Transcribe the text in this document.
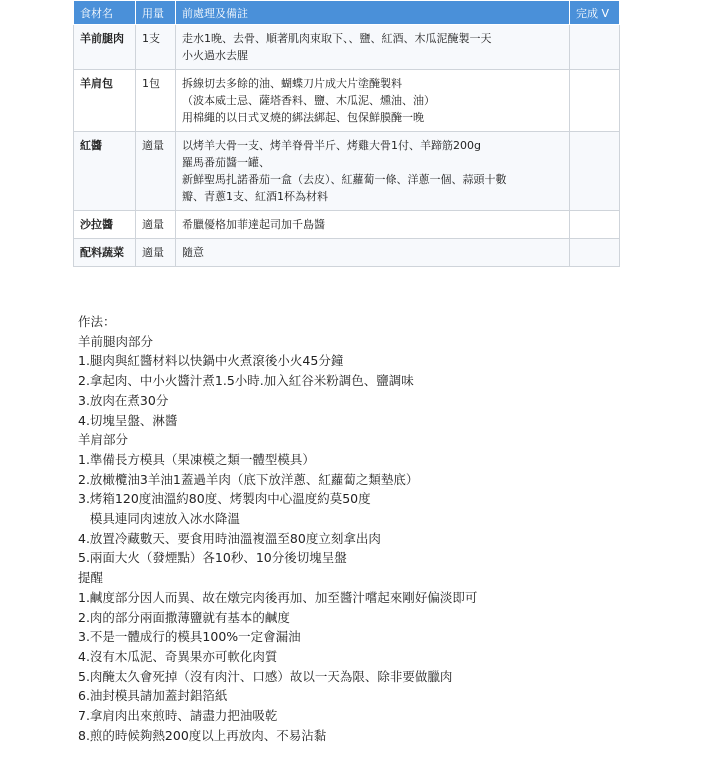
食材名	用量	前處理及備註	完成 V
羊前腿肉	1支	走水1晚、去骨、順著肌肉束取下、、鹽、紅酒、木瓜泥醃製一天
小火過水去腥	

羊肩包	1包	拆線切去多餘的油、蝴蝶刀片成大片塗醃製料
（波本威士忌、薩塔香料、鹽、木瓜泥、燻油、油）
用棉繩的以日式叉燒的綁法綁起、包保鮮膜醃一晚	

紅醬	適量	以烤羊大骨一支、烤羊脊骨半斤、烤雞大骨1付、羊蹄筋200g
羅馬番茄醬一罐、
新鮮聖馬扎諾番茄一盒（去皮）、紅蘿蔔一條、洋蔥一個、蒜頭十數
瓣、青蔥1支、紅酒1杯為材料	

沙拉醬	適量	希臘優格加菲達起司加千島醬	

配料蔬菜	適量	隨意	

作法：
羊前腿肉部分
1.腿肉與紅醬材料以快鍋中火煮滾後小火45分鐘
2.拿起肉、中小火醬汁煮1.5小時.加入紅谷米粉調色、鹽調味
3.放肉在煮30分
4.切塊呈盤、淋醬
羊肩部分
1.準備長方模具（果凍模之類一體型模具）
2.放橄欖油3羊油1蓋過羊肉（底下放洋蔥、紅蘿蔔之類墊底）
3.烤箱120度油溫約80度、烤製肉中心溫度約莫50度
模具連同肉速放入冰水降溫
4.放置冷藏數天、要食用時油溫複溫至80度立刻拿出肉
5.兩面大火（發煙點）各10秒、10分後切塊呈盤
提醒
1.鹹度部分因人而異、故在燉完肉後再加、加至醬汁嚐起來剛好偏淡即可
2.肉的部分兩面撒薄鹽就有基本的鹹度
3.不是一體成行的模具100%一定會漏油
4.沒有木瓜泥、奇異果亦可軟化肉質
5.肉醃太久會死掉（沒有肉汁、口感）故以一天為限、除非要做臘肉
6.油封模具請加蓋封鋁箔紙
7.拿肩肉出來煎時、請盡力把油吸乾
8.煎的時候夠熱200度以上再放肉、不易沾黏
